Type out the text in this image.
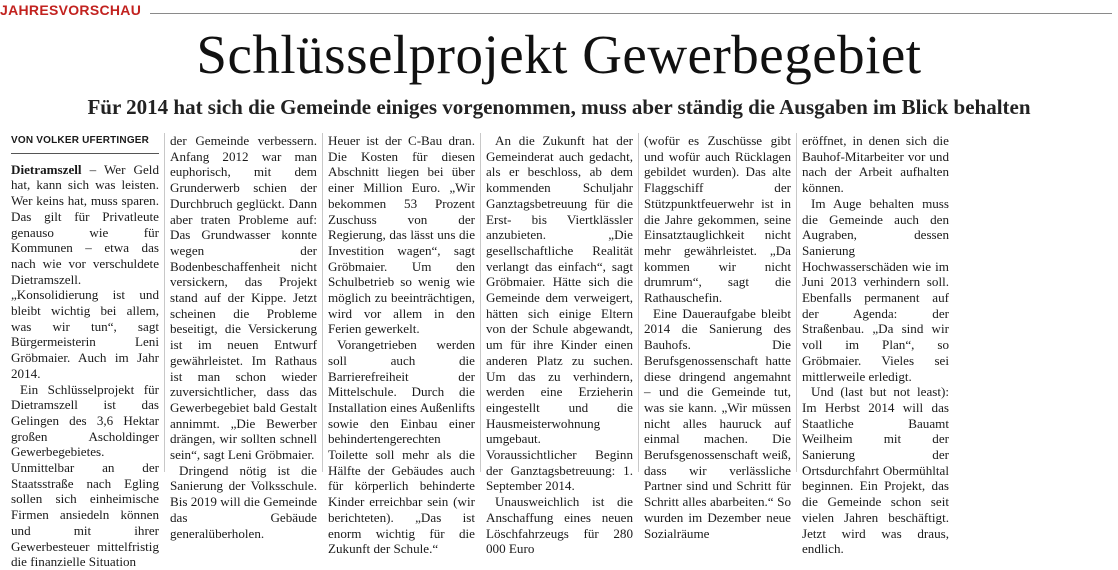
JAHRESVORSCHAU
Schlüsselprojekt Gewerbegebiet
Für 2014 hat sich die Gemeinde einiges vorgenommen, muss aber ständig die Ausgaben im Blick behalten
VON VOLKER UFERTINGER

Dietramszell – Wer Geld hat, kann sich was leisten. Wer keins hat, muss sparen. Das gilt für Privatleute genauso wie für Kommunen – etwa das nach wie vor verschuldete Dietramszell. „Konsolidierung ist und bleibt wichtig bei allem, was wir tun“, sagt Bürgermeisterin Leni Gröbmaier. Auch im Jahr 2014.

Ein Schlüsselprojekt für Dietramszell ist das Gelingen des 3,6 Hektar großen Ascholdinger Gewerbegebietes. Unmittelbar an der Staatsstraße nach Egling sollen sich einheimische Firmen ansiedeln können und mit ihrer Gewerbesteuer mittelfristig die finanzielle Situation

der Gemeinde verbessern. Anfang 2012 war man euphorisch, mit dem Grunderwerb schien der Durchbruch geglückt. Dann aber traten Probleme auf: Das Grundwasser konnte wegen der Bodenbeschaffenheit nicht versickern, das Projekt stand auf der Kippe. Jetzt scheinen die Probleme beseitigt, die Versickerung ist im neuen Entwurf gewährleistet. Im Rathaus ist man schon wieder zuversichtlicher, dass das Gewerbegebiet bald Gestalt annimmt. „Die Bewerber drängen, wir sollten schnell sein“, sagt Leni Gröbmaier.

Dringend nötig ist die Sanierung der Volksschule. Bis 2019 will die Gemeinde das Gebäude generalüberholen.

Heuer ist der C-Bau dran. Die Kosten für diesen Abschnitt liegen bei über einer Million Euro. „Wir bekommen 53 Prozent Zuschuss von der Regierung, das lässt uns die Investition wagen“, sagt Gröbmaier. Um den Schulbetrieb so wenig wie möglich zu beeinträchtigen, wird vor allem in den Ferien gewerkelt.

Vorangetrieben werden soll auch die Barrierefreiheit der Mittelschule. Durch die Installation eines Außenlifts sowie den Einbau einer behindertengerechten Toilette soll mehr als die Hälfte der Gebäudes auch für körperlich behinderte Kinder erreichbar sein (wir berichteten). „Das ist enorm wichtig für die Zukunft der Schule.“

An die Zukunft hat der Gemeinderat auch gedacht, als er beschloss, ab dem kommenden Schuljahr Ganztagsbetreuung für die Erst- bis Viertklässler anzubieten. „Die gesellschaftliche Realität verlangt das einfach“, sagt Gröbmaier. Hätte sich die Gemeinde dem verweigert, hätten sich einige Eltern von der Schule abgewandt, um für ihre Kinder einen anderen Platz zu suchen. Um das zu verhindern, werden eine Erzieherin eingestellt und die Hausmeisterwohnung umgebaut. Voraussichtlicher Beginn der Ganztagsbetreuung: 1. September 2014.

Unausweichlich ist die Anschaffung eines neuen Löschfahrzeugs für 280 000 Euro

(wofür es Zuschüsse gibt und wofür auch Rücklagen gebildet wurden). Das alte Flaggschiff der Stützpunktfeuerwehr ist in die Jahre gekommen, seine Einsatztauglichkeit nicht mehr gewährleistet. „Da kommen wir nicht drumrum“, sagt die Rathauschefin.

Eine Daueraufgabe bleibt 2014 die Sanierung des Bauhofs. Die Berufsgenossenschaft hatte diese dringend angemahnt – und die Gemeinde tut, was sie kann. „Wir müssen nicht alles hauruck auf einmal machen. Die Berufsgenossenschaft weiß, dass wir verlässliche Partner sind und Schritt für Schritt alles abarbeiten.“ So wurden im Dezember neue Sozialräume

eröffnet, in denen sich die Bauhof-Mitarbeiter vor und nach der Arbeit aufhalten können.

Im Auge behalten muss die Gemeinde auch den Augraben, dessen Sanierung Hochwasserschäden wie im Juni 2013 verhindern soll. Ebenfalls permanent auf der Agenda: der Straßenbau. „Da sind wir voll im Plan“, so Gröbmaier. Vieles sei mittlerweile erledigt.

Und (last but not least): Im Herbst 2014 will das Staatliche Bauamt Weilheim mit der Sanierung der Ortsdurchfahrt Obermühltal beginnen. Ein Projekt, das die Gemeinde schon seit vielen Jahren beschäftigt. Jetzt wird was draus, endlich.
